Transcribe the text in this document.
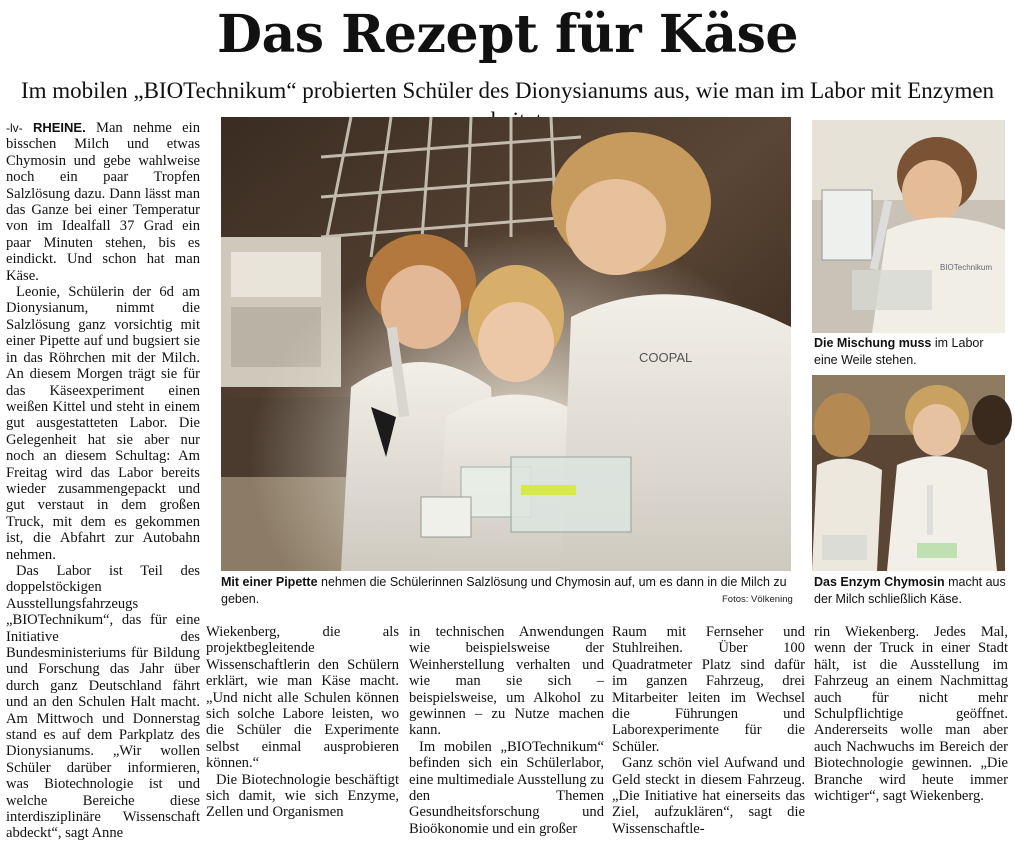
Das Rezept für Käse
Im mobilen „BIOTechnikum“ probierten Schüler des Dionysianums aus, wie man im Labor mit Enzymen

-lv- RHEINE. Man nehme ein bisschen Milch und etwas Chymosin und gebe wahlweise noch ein paar Tropfen Salzlösung dazu. Dann lässt man das Ganze bei einer Temperatur von im Idealfall 37 Grad ein paar Minuten stehen, bis es eindickt. Und schon hat man Käse.

Leonie, Schülerin der 6d am Dionysianum, nimmt die Salzlösung ganz vorsichtig mit einer Pipette auf und bugsiert sie in das Röhrchen mit der Milch. An diesem Morgen trägt sie für das Käseexperiment einen weißen Kittel und steht in einem gut ausgestatteten Labor. Die Gelegenheit hat sie aber nur noch an diesem Schultag: Am Freitag wird das Labor bereits wieder zusammengepackt und gut verstaut in dem großen Truck, mit dem es gekommen ist, die Abfahrt zur Autobahn nehmen.

Das Labor ist Teil des doppelstöckigen Ausstellungsfahrzeugs „BIOTechnikum“, das für eine Initiative des Bundesministeriums für Bildung und Forschung das Jahr über durch ganz Deutschland fährt und an den Schulen Halt macht. Am Mittwoch und Donnerstag stand es auf dem Parkplatz des Dionysianums. „Wir wollen Schüler darüber informieren, was Biotechnologie ist und welche Bereiche diese interdisziplinäre Wissenschaft abdeckt“, sagt Anne

COOPAL
Mit einer Pipette nehmen die Schülerinnen Salzlösung und Chymosin auf, um es dann in die Milch zu geben.	Fotos: Völkening
BIOTechnikum
Die Mischung muss im Labor eine Weile stehen.
Das Enzym Chymosin macht aus der Milch schließlich Käse.

Wiekenberg, die als projektbegleitende Wissenschaftlerin den Schülern erklärt, wie man Käse macht. „Und nicht alle Schulen können sich solche Labore leisten, wo die Schüler die Experimente selbst einmal ausprobieren können.“

Die Biotechnologie beschäftigt sich damit, wie sich Enzyme, Zellen und Organismen

in technischen Anwendungen wie beispielsweise der Weinherstellung verhalten und wie man sie sich – beispielsweise, um Alkohol zu gewinnen – zu Nutze machen kann.

Im mobilen „BIOTechnikum“ befinden sich ein Schülerlabor, eine multimediale Ausstellung zu den Themen Gesundheitsforschung und Bioökonomie und ein großer

Raum mit Fernseher und Stuhlreihen. Über 100 Quadratmeter Platz sind dafür im ganzen Fahrzeug, drei Mitarbeiter leiten im Wechsel die Führungen und Laborexperimente für die Schüler.

Ganz schön viel Aufwand und Geld steckt in diesem Fahrzeug. „Die Initiative hat einerseits das Ziel, aufzuklären“, sagt die Wissenschaftle-

rin Wiekenberg. Jedes Mal, wenn der Truck in einer Stadt hält, ist die Ausstellung im Fahrzeug an einem Nachmittag auch für nicht mehr Schulpflichtige geöffnet. Andererseits wolle man aber auch Nachwuchs im Bereich der Biotechnologie gewinnen. „Die Branche wird heute immer wichtiger“, sagt Wiekenberg.
